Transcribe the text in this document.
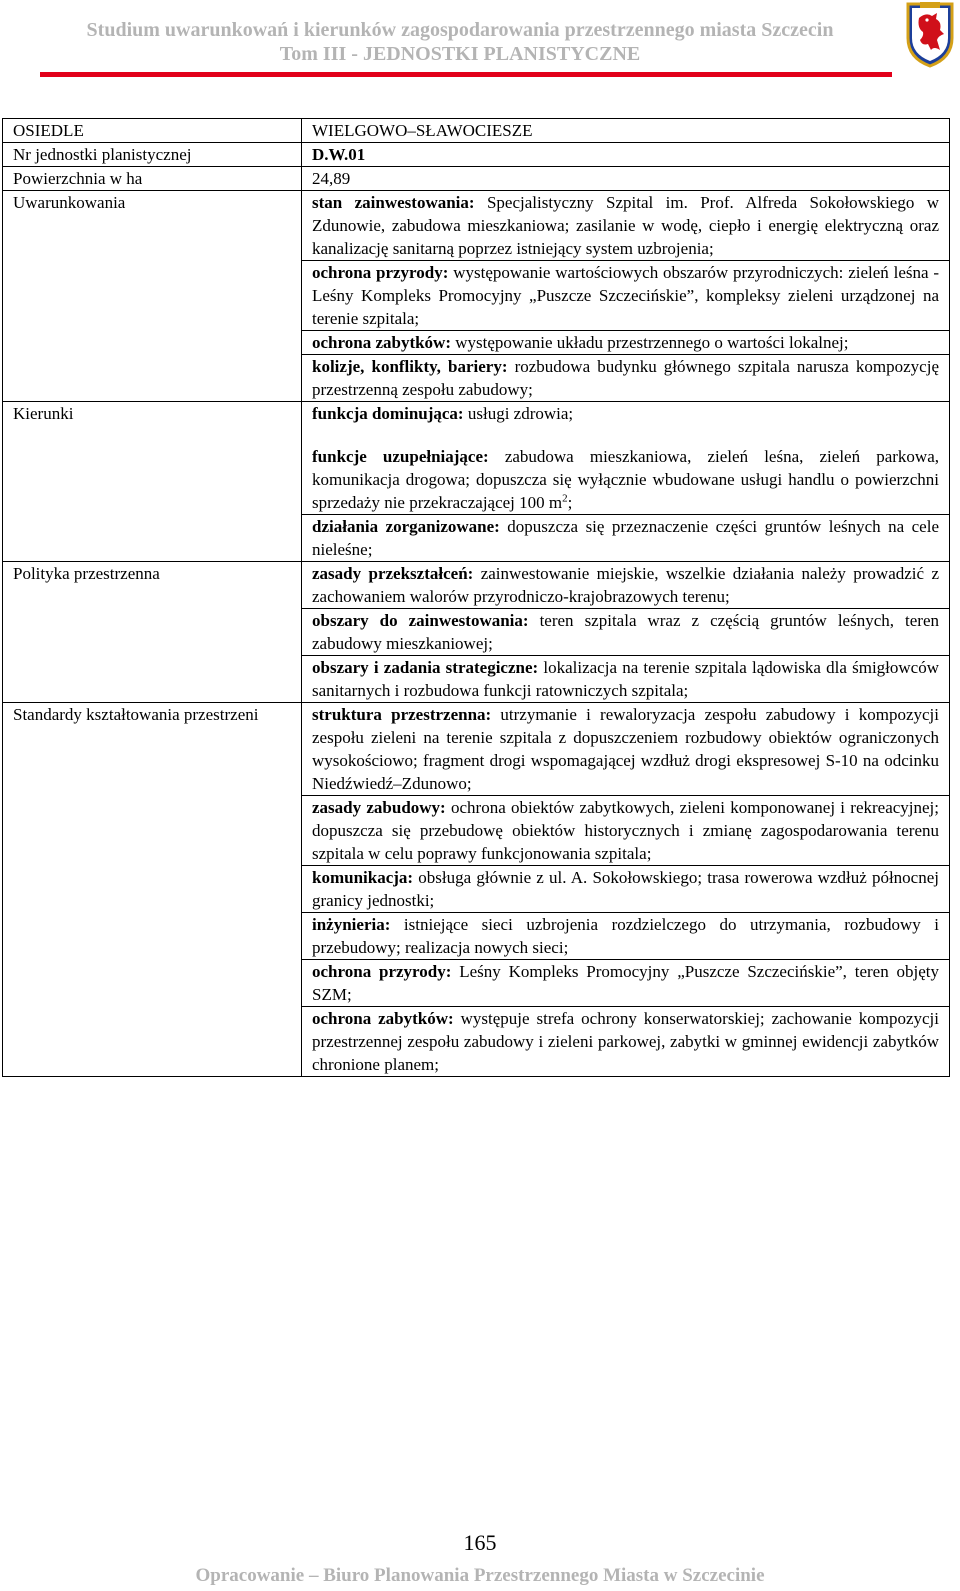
Studium uwarunkowań i kierunków zagospodarowania przestrzennego miasta Szczecin
Tom III - JEDNOSTKI PLANISTYCZNE
OSIEDLE	WIELGOWO–SŁAWOCIESZE
Nr jednostki planistycznej	D.W.01
Powierzchnia w ha	24,89
Uwarunkowania	stan zainwestowania: Specjalistyczny Szpital im. Prof. Alfreda Sokołowskiego w Zdunowie, zabudowa mieszkaniowa; zasilanie w wodę, ciepło i energię elektryczną oraz kanalizację sanitarną poprzez istniejący system uzbrojenia;
	ochrona przyrody: występowanie wartościowych obszarów przyrodniczych: zieleń leśna - Leśny Kompleks Promocyjny „Puszcze Szczecińskie”, kompleksy zieleni urządzonej na terenie szpitala;
	ochrona zabytków: występowanie układu przestrzennego o wartości lokalnej;
	kolizje, konflikty, bariery: rozbudowa budynku głównego szpitala narusza kompozycję przestrzenną zespołu zabudowy;
Kierunki	funkcja dominująca: usługi zdrowia;

	funkcje uzupełniające: zabudowa mieszkaniowa, zieleń leśna, zieleń parkowa, komunikacja drogowa; dopuszcza się wyłącznie wbudowane usługi handlu o powierzchni sprzedaży nie przekraczającej 100 $m^2$;
	działania zorganizowane: dopuszcza się przeznaczenie części gruntów leśnych na cele nieleśne;
Polityka przestrzenna	zasady przekształceń: zainwestowanie miejskie, wszelkie działania należy prowadzić z zachowaniem walorów przyrodniczo-krajobrazowych terenu;
	obszary do zainwestowania: teren szpitala wraz z częścią gruntów leśnych, teren zabudowy mieszkaniowej;
	obszary i zadania strategiczne: lokalizacja na terenie szpitala lądowiska dla śmigłowców sanitarnych i rozbudowa funkcji ratowniczych szpitala;
Standardy kształtowania przestrzeni	struktura przestrzenna: utrzymanie i rewaloryzacja zespołu zabudowy i kompozycji zespołu zieleni na terenie szpitala z dopuszczeniem rozbudowy obiektów ograniczonych wysokościowo; fragment drogi wspomagającej wzdłuż drogi ekspresowej S-10 na odcinku Niedźwiedź–Zdunowo;
	zasady zabudowy: ochrona obiektów zabytkowych, zieleni komponowanej i rekreacyjnej; dopuszcza się przebudowę obiektów historycznych i zmianę zagospodarowania terenu szpitala w celu poprawy funkcjonowania szpitala;
	komunikacja: obsługa głównie z ul. A. Sokołowskiego; trasa rowerowa wzdłuż północnej granicy jednostki;
	inżynieria: istniejące sieci uzbrojenia rozdzielczego do utrzymania, rozbudowy i przebudowy; realizacja nowych sieci;
	ochrona przyrody: Leśny Kompleks Promocyjny „Puszcze Szczecińskie”, teren objęty SZM;
	ochrona zabytków: występuje strefa ochrony konserwatorskiej; zachowanie kompozycji przestrzennej zespołu zabudowy i zieleni parkowej, zabytki w gminnej ewidencji zabytków chronione planem;
165
Opracowanie – Biuro Planowania Przestrzennego Miasta w Szczecinie
